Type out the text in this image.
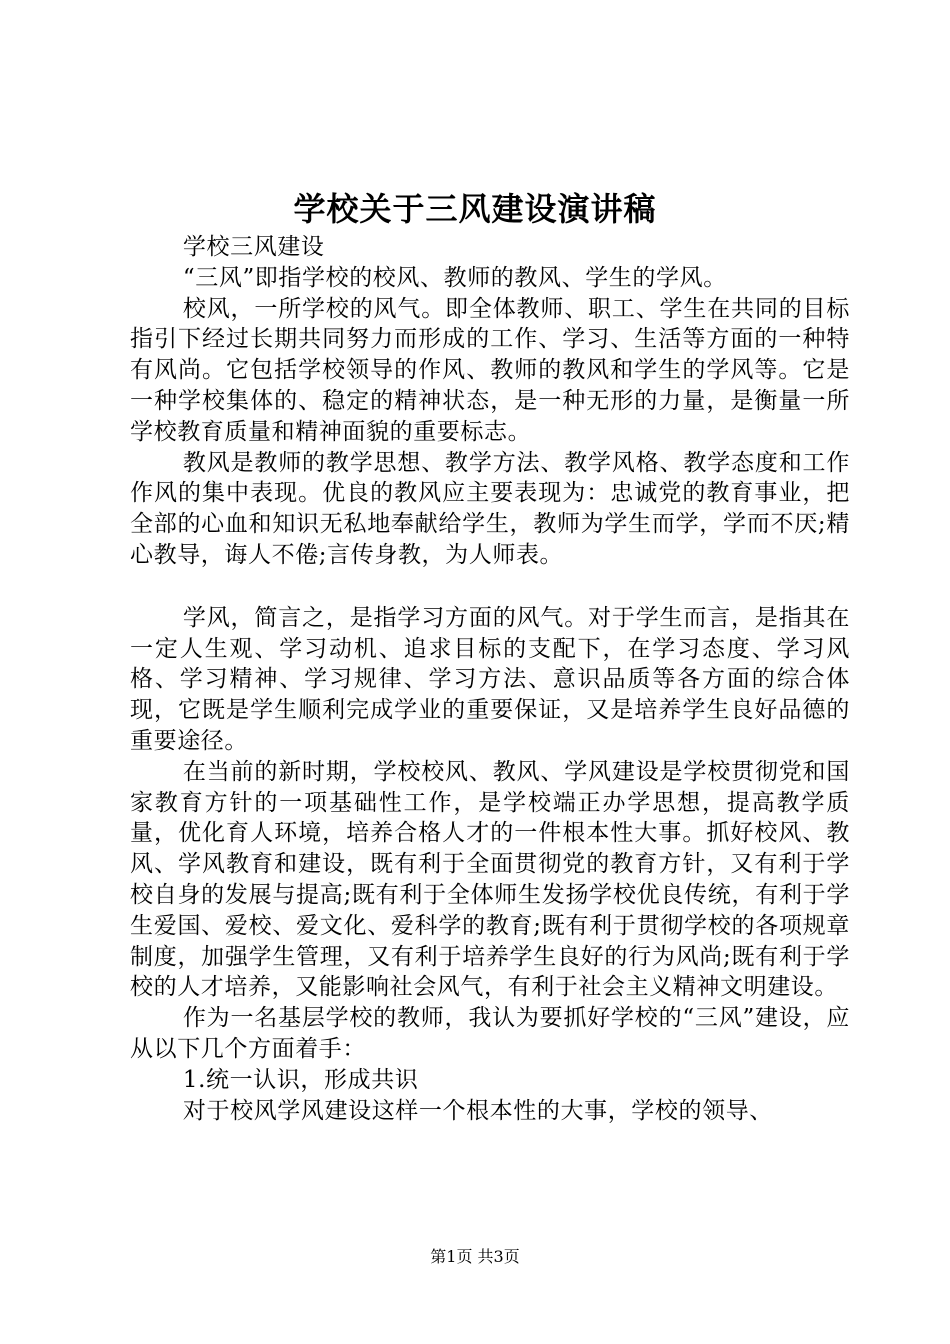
学校关于三风建设演讲稿

学校三风建设

“三风”即指学校的校风、教师的教风、学生的学风。

校风，一所学校的风气。即全体教师、职工、学生在共同的目标指引下经过长期共同努力而形成的工作、学习、生活等方面的一种特有风尚。它包括学校领导的作风、教师的教风和学生的学风等。它是一种学校集体的、稳定的精神状态，是一种无形的力量，是衡量一所学校教育质量和精神面貌的重要标志。

教风是教师的教学思想、教学方法、教学风格、教学态度和工作作风的集中表现。优良的教风应主要表现为：忠诚党的教育事业，把全部的心血和知识无私地奉献给学生，教师为学生而学，学而不厌;精心教导，诲人不倦;言传身教，为人师表。

学风，简言之，是指学习方面的风气。对于学生而言，是指其在一定人生观、学习动机、追求目标的支配下，在学习态度、学习风格、学习精神、学习规律、学习方法、意识品质等各方面的综合体现，它既是学生顺利完成学业的重要保证，又是培养学生良好品德的重要途径。

在当前的新时期，学校校风、教风、学风建设是学校贯彻党和国家教育方针的一项基础性工作，是学校端正办学思想，提高教学质量，优化育人环境，培养合格人才的一件根本性大事。抓好校风、教风、学风教育和建设，既有利于全面贯彻党的教育方针，又有利于学校自身的发展与提高;既有利于全体师生发扬学校优良传统，有利于学生爱国、爱校、爱文化、爱科学的教育;既有利于贯彻学校的各项规章制度，加强学生管理，又有利于培养学生良好的行为风尚;既有利于学校的人才培养，又能影响社会风气，有利于社会主义精神文明建设。

作为一名基层学校的教师，我认为要抓好学校的“三风”建设，应从以下几个方面着手：

1.统一认识，形成共识

对于校风学风建设这样一个根本性的大事，学校的领导、

第1页 共3页
